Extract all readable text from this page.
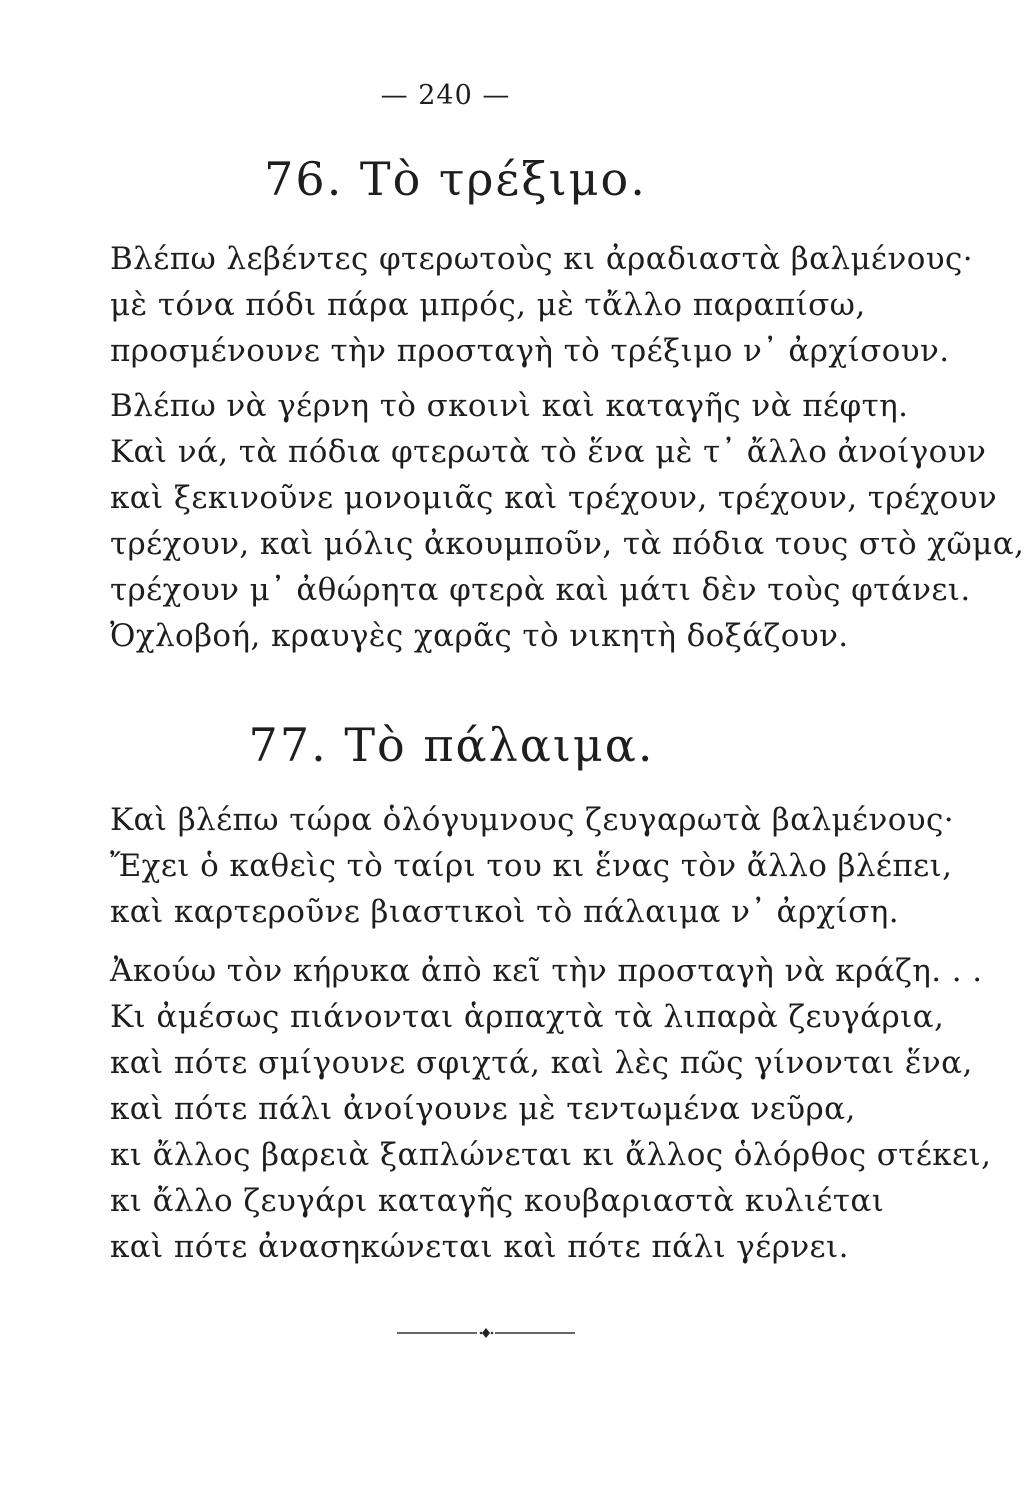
— 240 —
76. Τὸ τρέξιμο.
Βλέπω λεβέντες φτερωτοὺς κι ἀραδιαστὰ βαλμένους·
μὲ τόνα πόδι πάρα μπρός, μὲ τἄλλο παραπίσω,
προσμένουνε τὴν προσταγὴ τὸ τρέξιμο ν᾽ ἀρχίσουν.
Βλέπω νὰ γέρνη τὸ σκοινὶ καὶ καταγῆς νὰ πέφτη.
Καὶ νά, τὰ πόδια φτερωτὰ τὸ ἕνα μὲ τ᾽ ἄλλο ἀνοίγουν
καὶ ξεκινοῦνε μονομιᾶς καὶ τρέχουν, τρέχουν, τρέχουν
τρέχουν, καὶ μόλις ἀκουμποῦν, τὰ πόδια τους στὸ χῶμα,
τρέχουν μ᾽ ἀθώρητα φτερὰ καὶ μάτι δὲν τοὺς φτάνει.
Ὀχλοβοή, κραυγὲς χαρᾶς τὸ νικητὴ δοξάζουν.
77. Τὸ πάλαιμα.
Καὶ βλέπω τώρα ὁλόγυμνους ζευγαρωτὰ βαλμένους·
Ἔχει ὁ καθεὶς τὸ ταίρι του κι ἕνας τὸν ἄλλο βλέπει,
καὶ καρτεροῦνε βιαστικοὶ τὸ πάλαιμα ν᾽ ἀρχίση.
Ἀκούω τὸν κήρυκα ἀπὸ κεῖ τὴν προσταγὴ νὰ κράζη. . .
Κι ἀμέσως πιάνονται ἁρπαχτὰ τὰ λιπαρὰ ζευγάρια,
καὶ πότε σμίγουνε σφιχτά, καὶ λὲς πῶς γίνονται ἕνα,
καὶ πότε πάλι ἀνοίγουνε μὲ τεντωμένα νεῦρα,
κι ἄλλος βαρειὰ ξαπλώνεται κι ἄλλος ὁλόρθος στέκει,
κι ἄλλο ζευγάρι καταγῆς κουβαριαστὰ κυλιέται
καὶ πότε ἀνασηκώνεται καὶ πότε πάλι γέρνει.
